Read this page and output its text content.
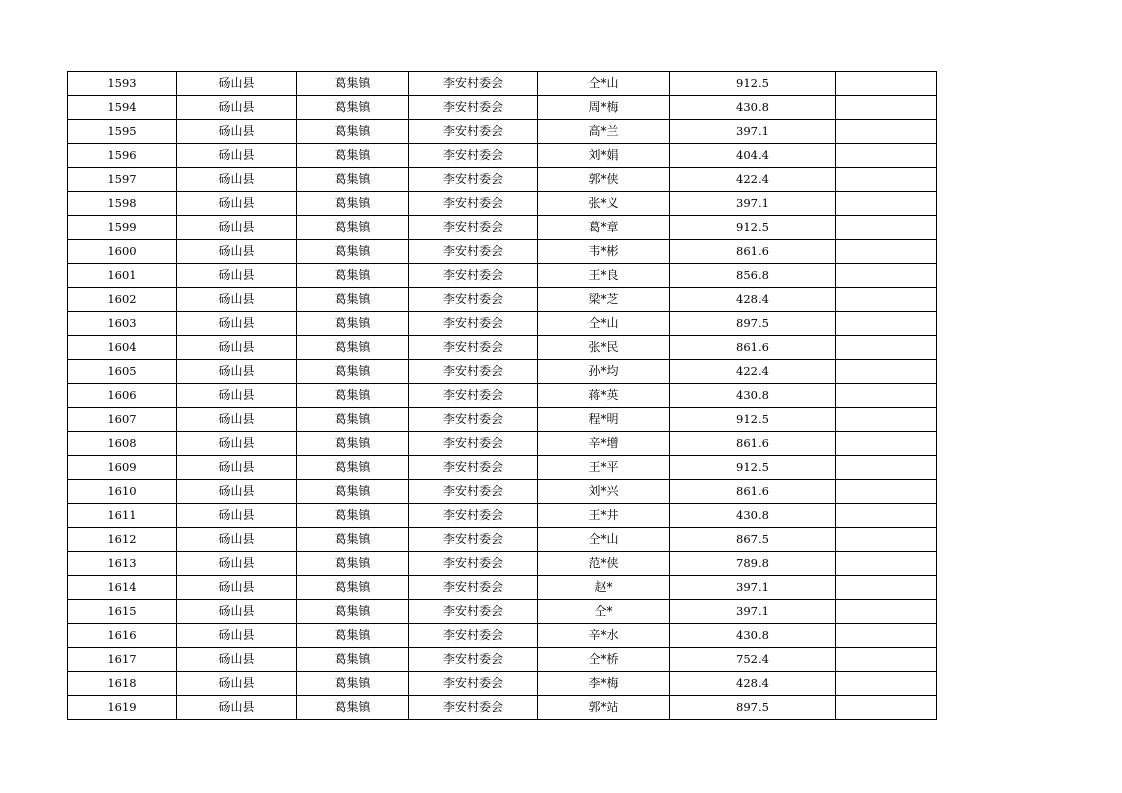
1593	砀山县	葛集镇	李安村委会	仝*山	912.5	
1594	砀山县	葛集镇	李安村委会	周*梅	430.8	
1595	砀山县	葛集镇	李安村委会	高*兰	397.1	
1596	砀山县	葛集镇	李安村委会	刘*娟	404.4	
1597	砀山县	葛集镇	李安村委会	郭*侠	422.4	
1598	砀山县	葛集镇	李安村委会	张*义	397.1	
1599	砀山县	葛集镇	李安村委会	葛*章	912.5	
1600	砀山县	葛集镇	李安村委会	韦*彬	861.6	
1601	砀山县	葛集镇	李安村委会	王*良	856.8	
1602	砀山县	葛集镇	李安村委会	梁*芝	428.4	
1603	砀山县	葛集镇	李安村委会	仝*山	897.5	
1604	砀山县	葛集镇	李安村委会	张*民	861.6	
1605	砀山县	葛集镇	李安村委会	孙*均	422.4	
1606	砀山县	葛集镇	李安村委会	蒋*英	430.8	
1607	砀山县	葛集镇	李安村委会	程*明	912.5	
1608	砀山县	葛集镇	李安村委会	辛*增	861.6	
1609	砀山县	葛集镇	李安村委会	王*平	912.5	
1610	砀山县	葛集镇	李安村委会	刘*兴	861.6	
1611	砀山县	葛集镇	李安村委会	王*井	430.8	
1612	砀山县	葛集镇	李安村委会	仝*山	867.5	
1613	砀山县	葛集镇	李安村委会	范*侠	789.8	
1614	砀山县	葛集镇	李安村委会	赵*	397.1	
1615	砀山县	葛集镇	李安村委会	仝*	397.1	
1616	砀山县	葛集镇	李安村委会	辛*水	430.8	
1617	砀山县	葛集镇	李安村委会	仝*桥	752.4	
1618	砀山县	葛集镇	李安村委会	李*梅	428.4	
1619	砀山县	葛集镇	李安村委会	郭*站	897.5	
